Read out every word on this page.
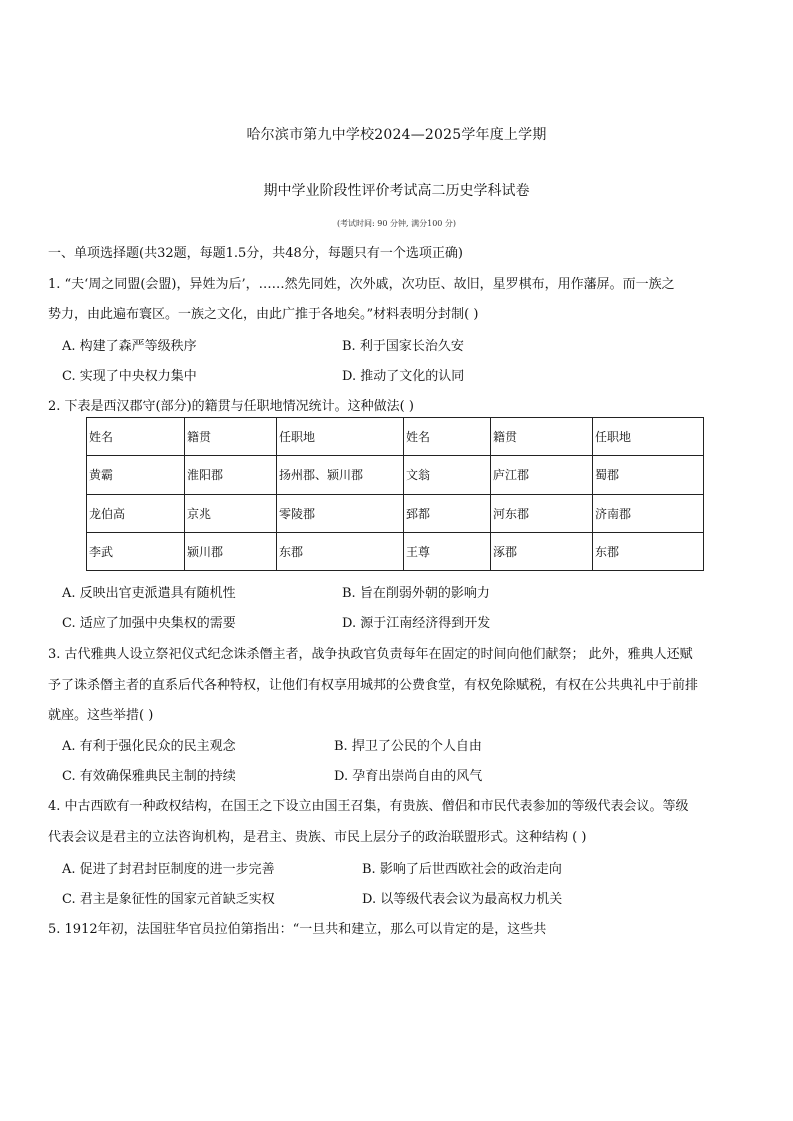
哈尔滨市第九中学校2024—2025学年度上学期
期中学业阶段性评价考试高二历史学科试卷
(考试时间: 90 分钟, 满分100 分)
一、单项选择题(共32题，每题1.5分，共48分，每题只有一个选项正确)
1. “夫‘周之同盟(会盟)，异姓为后’，……然先同姓，次外戚，次功臣、故旧，星罗棋布，用作藩屏。而一族之
势力，由此遍布寰区。一族之文化，由此广推于各地矣。”材料表明分封制( )
A. 构建了森严等级秩序	B. 利于国家长治久安
C. 实现了中央权力集中	D. 推动了文化的认同
2. 下表是西汉郡守(部分)的籍贯与任职地情况统计。这种做法( )
姓名	籍贯	任职地	姓名	籍贯	任职地
黄霸	淮阳郡	扬州郡、颍川郡	文翁	庐江郡	蜀郡
龙伯高	京兆	零陵郡	郅都	河东郡	济南郡
李武	颍川郡	东郡	王尊	涿郡	东郡
A. 反映出官吏派遣具有随机性	B. 旨在削弱外朝的影响力
C. 适应了加强中央集权的需要	D. 源于江南经济得到开发
3. 古代雅典人设立祭祀仪式纪念诛杀僭主者，战争执政官负责每年在固定的时间向他们献祭； 此外，雅典人还赋
予了诛杀僭主者的直系后代各种特权，让他们有权享用城邦的公费食堂，有权免除赋税，有权在公共典礼中于前排
就座。这些举措( )
A. 有利于强化民众的民主观念	B. 捍卫了公民的个人自由
C. 有效确保雅典民主制的持续	D. 孕育出崇尚自由的风气
4. 中古西欧有一种政权结构，在国王之下设立由国王召集，有贵族、僧侣和市民代表参加的等级代表会议。等级
代表会议是君主的立法咨询机构，是君主、贵族、市民上层分子的政治联盟形式。这种结构 ( )
A. 促进了封君封臣制度的进一步完善	B. 影响了后世西欧社会的政治走向
C. 君主是象征性的国家元首缺乏实权	D. 以等级代表会议为最高权力机关
5. 1912年初，法国驻华官员拉伯第指出：“一旦共和建立，那么可以肯定的是，这些共
